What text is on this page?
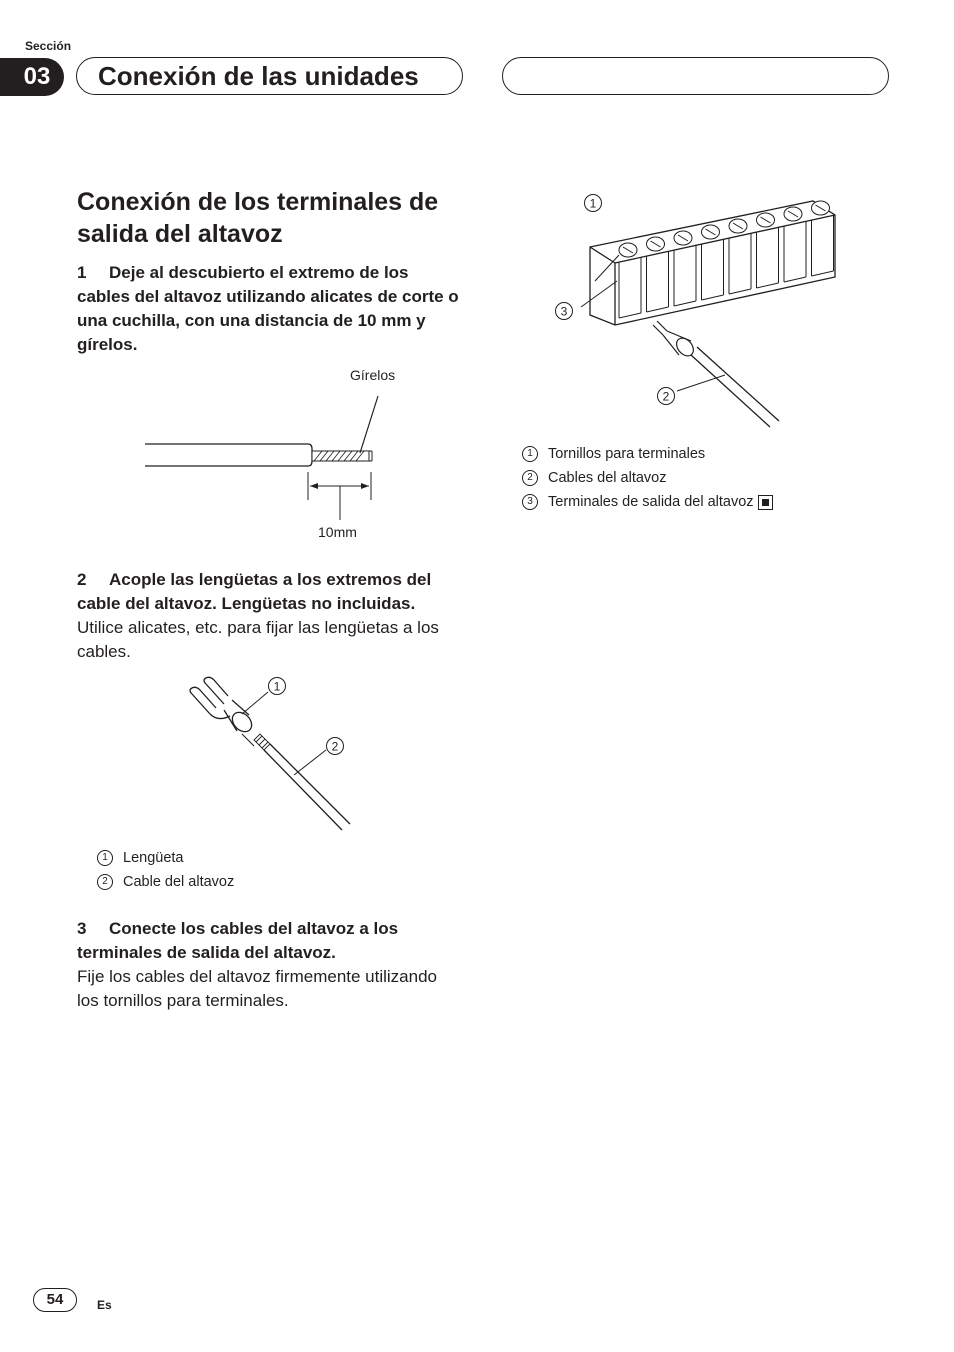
Sección
03	Conexión de las unidades
Conexión de los terminales de salida del altavoz
1 Deje al descubierto el extremo de los cables del altavoz utilizando alicates de corte o una cuchilla, con una distancia de 10 mm y gírelos.
Gírelos
10mm
2 Acople las lengüetas a los extremos del cable del altavoz. Lengüetas no incluidas.
Utilice alicates, etc. para fijar las lengüetas a los cables.
1
2
1	Lengüeta
2	Cable del altavoz
3 Conecte los cables del altavoz a los terminales de salida del altavoz.
Fije los cables del altavoz firmemente utilizando los tornillos para terminales.
1
3
2
1	Tornillos para terminales
2	Cables del altavoz
3	Terminales de salida del altavoz
54	Es
